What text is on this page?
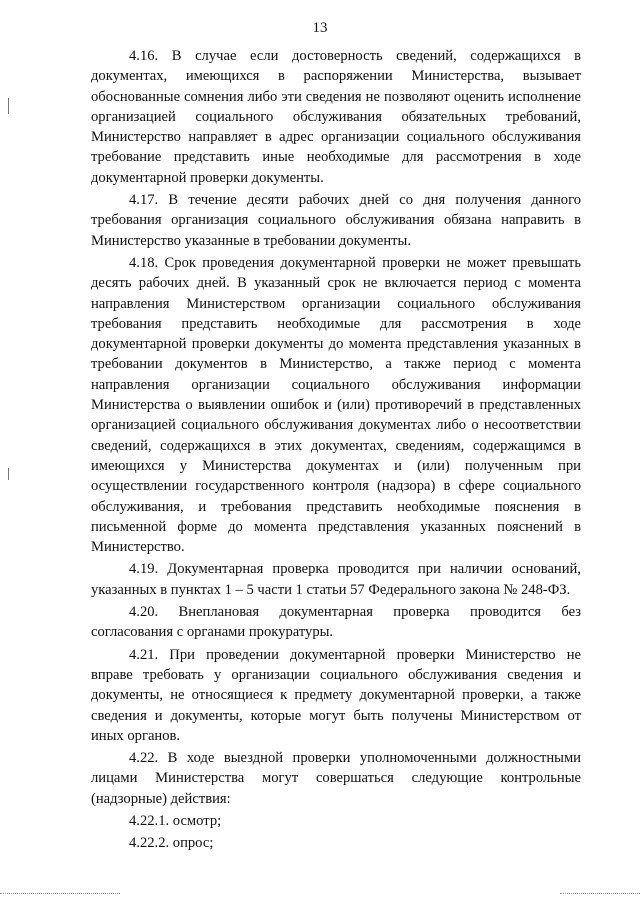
13

4.16. В случае если достоверность сведений, содержащихся в документах, имеющихся в распоряжении Министерства, вызывает обоснованные сомнения либо эти сведения не позволяют оценить исполнение организацией социального обслуживания обязательных требований, Министерство направляет в адрес организации социального обслуживания требование представить иные необходимые для рассмотрения в ходе документарной проверки документы.

4.17. В течение десяти рабочих дней со дня получения данного требования организация социального обслуживания обязана направить в Министерство указанные в требовании документы.

4.18. Срок проведения документарной проверки не может превышать десять рабочих дней. В указанный срок не включается период с момента направления Министерством организации социального обслуживания требования представить необходимые для рассмотрения в ходе документарной проверки документы до момента представления указанных в требовании документов в Министерство, а также период с момента направления организации социального обслуживания информации Министерства о выявлении ошибок и (или) противоречий в представленных организацией социального обслуживания документах либо о несоответствии сведений, содержащихся в этих документах, сведениям, содержащимся в имеющихся у Министерства документах и (или) полученным при осуществлении государственного контроля (надзора) в сфере социального обслуживания, и требования представить необходимые пояснения в письменной форме до момента представления указанных пояснений в Министерство.

4.19. Документарная проверка проводится при наличии оснований, указанных в пунктах 1 – 5 части 1 статьи 57 Федерального закона № 248-ФЗ.

4.20. Внеплановая документарная проверка проводится без согласования с органами прокуратуры.

4.21. При проведении документарной проверки Министерство не вправе требовать у организации социального обслуживания сведения и документы, не относящиеся к предмету документарной проверки, а также сведения и документы, которые могут быть получены Министерством от иных органов.

4.22. В ходе выездной проверки уполномоченными должностными лицами Министерства могут совершаться следующие контрольные (надзорные) действия:

4.22.1. осмотр;

4.22.2. опрос;
